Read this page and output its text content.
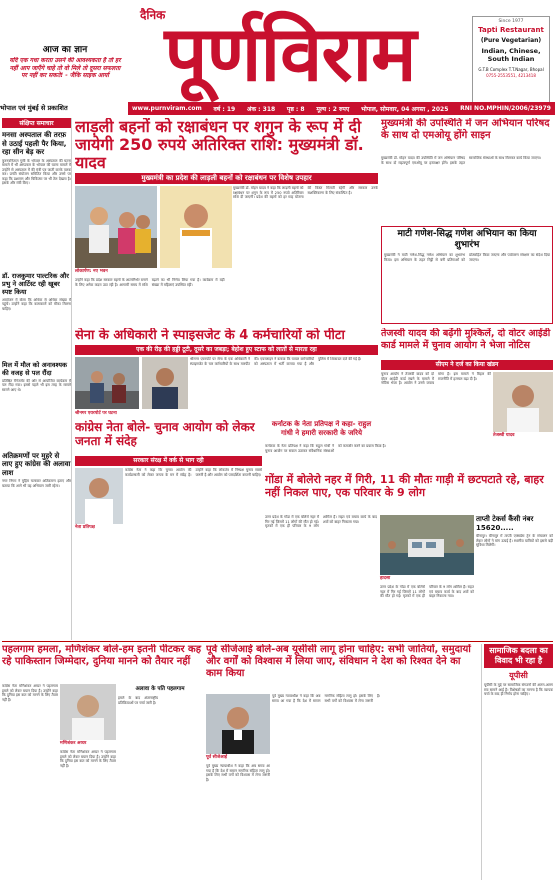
आज का ज्ञान
यदि एक गधा करता उसने की आवश्यकता है तो हर नहीं आप जाएँगे चाहे तो वो मिले तो दूसरा सफलता पर नहीं कर सकते! - जैकि साइक आर्या
भोपाल एवं मुंबई से प्रकाशित
दैनिक पूर्णविराम	Since 1977
Tapti Restaurant
(Pure Vegetarian)
Indian, Chinese, South Indian
G.T.B Complex T.T.Nagar, Bhopal
0755-2553551, 4213418
www.purnviram.com वर्ष : 19 अंक : 318 पृष्ठ : 8 मूल्य : 2 रुपए भोपाल, सोमवार, 04 अगस्त , 2025 RNI NO.MPHIN/2006/23979
संक्षिप्त समाचार
मनसा अस्पताल की तरफ़ से उठाई पहली पैर किया, रहा सीन बेड़ कर
कुरनवनिताल गुसी के भोपाल के अस्पताल की घटना मामले में भी अस्पताल के भोपाल की घटना मामलें में उन्होंने से अस्पताल में की मंत्री पत्र जाती करके पलक कर। प्रगति संयोजन समितित किया और उनसे पर कहा कि प्रशासन और चिकित्सा पर भी तेल देखता है। इसके और मंत्री किए।
डॉ. राजकुमार पाल्टरिक और प्रभु ने आर्टिस्ट रही खूबर स्पष्ट किया
आयोजन में बोला कि अधिक से अधिक संख्या में पहुंचें। उन्होंने कहा कि कलाकारों को मौका मिलना चाहिए।
मिल में मौल को अनावश्यक की वजह से पल रौंदा
प्रतिष्ठित मैनेजमेंट की ओर से आयोजित कार्यक्रम में पल रौंदा गया। इससे पहले भी इस तरह के मामले सामने आए थे।
अतिक्रमणों पर मुहरे से लाए हुए कांग्रेस की अलावा लाश
नगर निगम ने मुहिम चलाकर अतिक्रमण हटाए और बताया कि आगे भी यह अभियान जारी रहेगा।
लाड़ली बहनों को रक्षाबंधन पर शगुन के रूप में दी जायेगी 250 रुपये अतिरिक्त राशि: मुख्यमंत्री डॉ. यादव
मुख्यमंत्री का प्रदेश की लाड़ली बहनों को रक्षाबंधन पर विशेष उपहार
लोकार्पण: नए भवन
मुख्यमंत्री डॉ. मोहन यादव ने कहा कि लाड़ली बहनों को रक्षाबंधन पर शगुन के रूप में 250 रुपये अतिरिक्त राशि दी जाएगी। प्रदेश की बहनों को हर माह योजना की किस्त मिलती रहेगी और सरकार उनके सशक्तिकरण के लिए संकल्पित है।
उन्होंने कहा कि प्रदेश सरकार बहनों के आत्मनिर्भर बनाने के लिए अनेक कदम उठा रही है। आगामी समय में राशि बढ़ाने का भी निर्णय लिया गया है। कार्यक्रम में बड़ी संख्या में महिलाएं उपस्थित रहीं।
मुख्यमंत्री की उपस्थिति में जन अभियान परिषद के साथ दो एमओयू होंगे साइन
मुख्यमंत्री डॉ. मोहन यादव की उपस्थिति में जन अभियान परिषद के साथ दो महत्वपूर्ण एमओयू पर हस्ताक्षर होंगे। इसके तहत सामाजिक संस्थाओं के साथ मिलकर कार्य किया जाएगा।
माटी गणेश-सिद्ध गणेश अभियान का किया शुभारंभ
मुख्यमंत्री ने माटी गणेश-सिद्ध गणेश अभियान का शुभारंभ किया। इस अभियान के तहत मिट्टी से बनी प्रतिमाओं को प्रोत्साहित किया जाएगा और पर्यावरण संरक्षण का संदेश दिया जाएगा।
सेना के अधिकारी ने स्पाइसजेट के 4 कर्मचारियों को पीटा
एक की रीढ़ की हड्डी टूटी, दूसरे का जबड़ा; बेहोश हुए स्टाफ को लातों से मारता रहा
श्रीनगर एयरपोर्ट पर घटना
श्रीनगर एयरपोर्ट पर सेना के एक अधिकारी ने स्पाइसजेट के चार कर्मचारियों के साथ मारपीट की। एयरलाइन ने बताया कि घायल कर्मचारियों को अस्पताल में भर्ती कराया गया है और पुलिस में शिकायत दर्ज की गई है।
तेजस्वी यादव की बढ़ेंगी मुश्किलें, दो वोटर आईडी कार्ड मामले में चुनाव आयोग ने भेजा नोटिस
सीएम ने दर्ज का किया खंडन
चुनाव आयोग ने तेजस्वी यादव को दो वोटर आईडी कार्ड रखने के मामले में नोटिस भेजा है। आयोग ने उनसे जवाब मांगा है। इस मामले ने बिहार की राजनीति में हलचल बढ़ा दी है।
तेजस्वी यादव
कांग्रेस नेता बोले- चुनाव आयोग को लेकर जनता में संदेह
सरकार संरक्ष में वर्क से भाग रही
नेता प्रतिपक्ष
कांग्रेस नेता ने कहा कि चुनाव आयोग की कार्यप्रणाली को लेकर जनता के मन में संदेह है। उन्होंने कहा कि लोकतंत्र में निष्पक्ष चुनाव सबसे जरूरी है और आयोग को पारदर्शिता बरतनी चाहिए।
कर्नाटक के नेता प्रतिपक्ष ने कहा- राहुल गांधी ने हमारी सरकारी के जरिये
कर्नाटक के नेता प्रतिपक्ष ने कहा कि राहुल गांधी ने चुनाव आयोग पर सवाल उठाकर संवैधानिक संस्थाओं को कमजोर करने का प्रयास किया है।
गोंडा में बोलेरो नहर में गिरी, 11 की मौतः गाड़ी में छटपटाते रहे, बाहर नहीं निकल पाए, एक परिवार के 9 लोग
उत्तर प्रदेश के गोंडा में एक बोलेरो नहर में गिर गई जिसमें 11 लोगों की मौत हो गई। मृतकों में एक ही परिवार के 9 लोग शामिल हैं। राहत एवं बचाव कार्य के बाद शवों को बाहर निकाला गया।
हादसा
ताप्ती टेकर्स कैंसी नंबर 15620.....
बीनापुर। बीनापुर में ताप्ती एक्सप्रेस ट्रेन के संचालन को लेकर लोगों ने मांग उठाई है। स्थानीय यात्रियों को इससे बड़ी सुविधा मिलेगी।
उत्तर प्रदेश के गोंडा में एक बोलेरो नहर में गिर गई जिसमें 11 लोगों की मौत हो गई। मृतकों में एक ही परिवार के 9 लोग शामिल हैं। राहत एवं बचाव कार्य के बाद शवों को बाहर निकाला गया।
पहलगाम हमला, मणिशंकर बोले-हम इतनी पीटकर कह रहे पाकिस्तान जिम्मेदार, दुनिया मानने को तैयार नहीं
कांग्रेस नेता मणिशंकर अय्यर ने पहलगाम हमले को लेकर बयान दिया है। उन्होंने कहा कि दुनिया इस बात को मानने के लिए तैयार नहीं है।
मणिशंकर अय्यर
कांग्रेस नेता मणिशंकर अय्यर ने पहलगाम हमले को लेकर बयान दिया है। उन्होंने कहा कि दुनिया इस बात को मानने के लिए तैयार नहीं है।
अलावा के पति पहलगाम
हमले के बाद अंतरराष्ट्रीय प्रतिक्रियाओं पर चर्चा जारी है।
पूर्व सीजेआई बोले-अब यूसीसी लागू होना चाहिए: सभी जातियों, समुदायों और वर्गों को विश्वास में लिया जाए, संविधान ने देश को रिश्वत देने का काम किया
पूर्व सीजेआई
पूर्व मुख्य न्यायाधीश ने कहा कि अब समय आ गया है कि देश में समान नागरिक संहिता लागू हो। इसके लिए सभी वर्गों को विश्वास में लेना जरूरी है।
पूर्व मुख्य न्यायाधीश ने कहा कि अब समय आ गया है कि देश में समान नागरिक संहिता लागू हो। इसके लिए सभी वर्गों को विश्वास में लेना जरूरी है।
सामाजिक बदला का विवाद भी रहा है
यूपीसी
यूपीसी के मुद्दे पर सामाजिक संगठनों की अलग-अलग राय सामने आई है। विशेषज्ञों का मानना है कि व्यापक चर्चा के बाद ही निर्णय होना चाहिए।
